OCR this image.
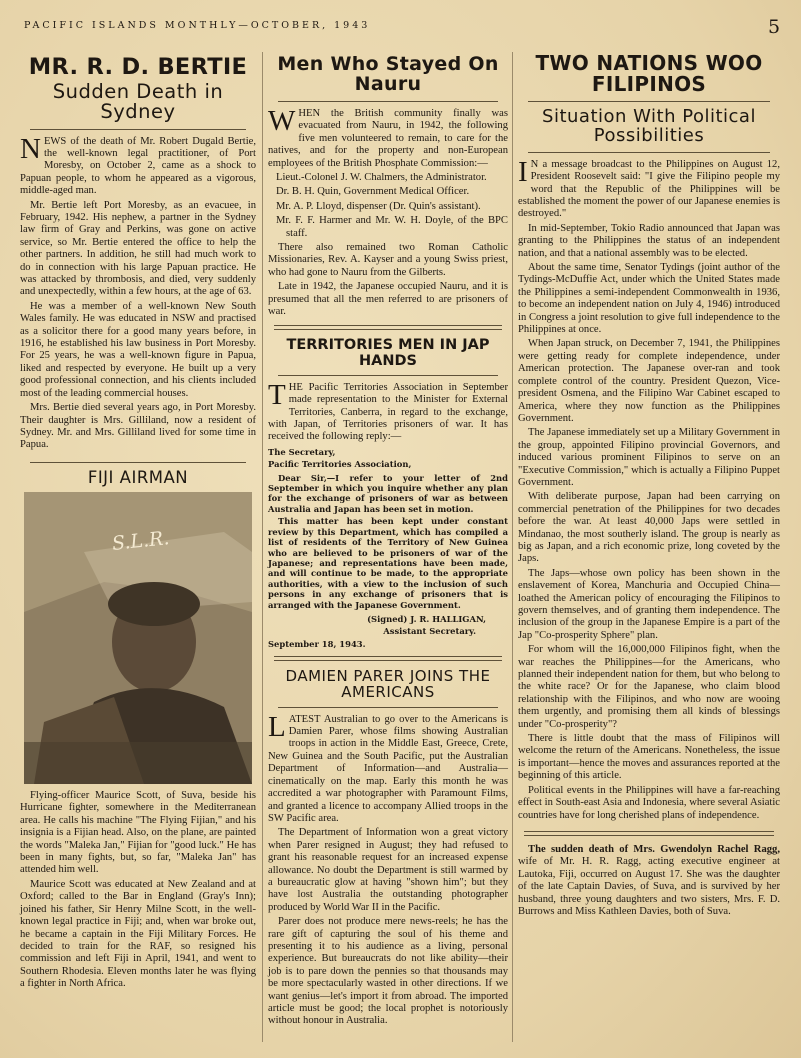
PACIFIC ISLANDS MONTHLY—OCTOBER, 1943	5
MR. R. D. BERTIE
Sudden Death in Sydney

NEWS of the death of Mr. Robert Dugald Bertie, the well-known legal practitioner, of Port Moresby, on October 2, came as a shock to Papuan people, to whom he appeared as a vigorous, middle-aged man.

Mr. Bertie left Port Moresby, as an evacuee, in February, 1942. His nephew, a partner in the Sydney law firm of Gray and Perkins, was gone on active service, so Mr. Bertie entered the office to help the other partners. In addition, he still had much work to do in connection with his large Papuan practice. He was attacked by thrombosis, and died, very suddenly and unexpectedly, within a few hours, at the age of 63.

He was a member of a well-known New South Wales family. He was educated in NSW and practised as a solicitor there for a good many years before, in 1916, he established his law business in Port Moresby. For 25 years, he was a well-known figure in Papua, liked and respected by everyone. He built up a very good professional connection, and his clients included most of the leading commercial houses.

Mrs. Bertie died several years ago, in Port Moresby. Their daughter is Mrs. Gilliland, now a resident of Sydney. Mr. and Mrs. Gilliland lived for some time in Papua.

FIJI AIRMAN
S.L.R.

Flying-officer Maurice Scott, of Suva, beside his Hurricane fighter, somewhere in the Mediterranean area. He calls his machine "The Flying Fijian," and his insignia is a Fijian head. Also, on the plane, are painted the words "Maleka Jan," Fijian for "good luck." He has been in many fights, but, so far, "Maleka Jan" has attended him well.

Maurice Scott was educated at New Zealand and at Oxford; called to the Bar in England (Gray's Inn); joined his father, Sir Henry Milne Scott, in the well-known legal practice in Fiji; and, when war broke out, he became a captain in the Fiji Military Forces. He decided to train for the RAF, so resigned his commission and left Fiji in April, 1941, and went to Southern Rhodesia. Eleven months later he was flying a fighter in North Africa.

Men Who Stayed On Nauru

WHEN the British community finally was evacuated from Nauru, in 1942, the following five men volunteered to remain, to care for the natives, and for the property and non-European employees of the British Phosphate Commission:—

Lieut.-Colonel J. W. Chalmers, the Administrator.

Dr. B. H. Quin, Government Medical Officer.

Mr. A. P. Lloyd, dispenser (Dr. Quin's assistant).

Mr. F. F. Harmer and Mr. W. H. Doyle, of the BPC staff.

There also remained two Roman Catholic Missionaries, Rev. A. Kayser and a young Swiss priest, who had gone to Nauru from the Gilberts.

Late in 1942, the Japanese occupied Nauru, and it is presumed that all the men referred to are prisoners of war.

TERRITORIES MEN IN JAP HANDS

THE Pacific Territories Association in September made representation to the Minister for External Territories, Canberra, in regard to the exchange, with Japan, of Territories prisoners of war. It has received the following reply:—

The Secretary,

Pacific Territories Association,

Dear Sir,—I refer to your letter of 2nd September in which you inquire whether any plan for the exchange of prisoners of war as between Australia and Japan has been set in motion.

This matter has been kept under constant review by this Department, which has compiled a list of residents of the Territory of New Guinea who are believed to be prisoners of war of the Japanese; and representations have been made, and will continue to be made, to the appropriate authorities, with a view to the inclusion of such persons in any exchange of prisoners that is arranged with the Japanese Government.

(Signed) J. R. HALLIGAN,

Assistant Secretary.

September 18, 1943.

DAMIEN PARER JOINS THE AMERICANS

LATEST Australian to go over to the Americans is Damien Parer, whose films showing Australian troops in action in the Middle East, Greece, Crete, New Guinea and the South Pacific, put the Australian Department of Information—and Australia—cinematically on the map. Early this month he was accredited a war photographer with Paramount Films, and granted a licence to accompany Allied troops in the SW Pacific area.

The Department of Information won a great victory when Parer resigned in August; they had refused to grant his reasonable request for an increased expense allowance. No doubt the Department is still warmed by a bureaucratic glow at having "shown him"; but they have lost Australia the outstanding photographer produced by World War II in the Pacific.

Parer does not produce mere news-reels; he has the rare gift of capturing the soul of his theme and presenting it to his audience as a living, personal experience. But bureaucrats do not like ability—their job is to pare down the pennies so that thousands may be more spectacularly wasted in other directions. If we want genius—let's import it from abroad. The imported article must be good; the local prophet is notoriously without honour in Australia.

TWO NATIONS WOO FILIPINOS
Situation With Political Possibilities

I N a message broadcast to the Philippines on August 12, President Roosevelt said: "I give the Filipino people my word that the Republic of the Philippines will be established the moment the power of our Japanese enemies is destroyed."

In mid-September, Tokio Radio announced that Japan was granting to the Philippines the status of an independent nation, and that a national assembly was to be elected.

About the same time, Senator Tydings (joint author of the Tydings-McDuffie Act, under which the United States made the Philippines a semi-independent Commonwealth in 1936, to become an independent nation on July 4, 1946) introduced in Congress a joint resolution to give full independence to the Philippines at once.

When Japan struck, on December 7, 1941, the Philippines were getting ready for complete independence, under American protection. The Japanese over-ran and took complete control of the country. President Quezon, Vice-president Osmena, and the Filipino War Cabinet escaped to America, where they now function as the Philippines Government.

The Japanese immediately set up a Military Government in the group, appointed Filipino provincial Governors, and induced various prominent Filipinos to serve on an "Executive Commission," which is actually a Filipino Puppet Government.

With deliberate purpose, Japan had been carrying on commercial penetration of the Philippines for two decades before the war. At least 40,000 Japs were settled in Mindanao, the most southerly island. The group is nearly as big as Japan, and a rich economic prize, long coveted by the Japs.

The Japs—whose own policy has been shown in the enslavement of Korea, Manchuria and Occupied China—loathed the American policy of encouraging the Filipinos to govern themselves, and of granting them independence. The inclusion of the group in the Japanese Empire is a part of the Jap "Co-prosperity Sphere" plan.

For whom will the 16,000,000 Filipinos fight, when the war reaches the Philippines—for the Americans, who planned their independent nation for them, but who belong to the white race? Or for the Japanese, who claim blood relationship with the Filipinos, and who now are wooing them urgently, and promising them all kinds of blessings under "Co-prosperity"?

There is little doubt that the mass of Filipinos will welcome the return of the Americans. Nonetheless, the issue is important—hence the moves and assurances reported at the beginning of this article.

Political events in the Philippines will have a far-reaching effect in South-east Asia and Indonesia, where several Asiatic countries have for long cherished plans of independence.

The sudden death of Mrs. Gwendolyn Rachel Ragg, wife of Mr. H. R. Ragg, acting executive engineer at Lautoka, Fiji, occurred on August 17. She was the daughter of the late Captain Davies, of Suva, and is survived by her husband, three young daughters and two sisters, Mrs. F. D. Burrows and Miss Kathleen Davies, both of Suva.
